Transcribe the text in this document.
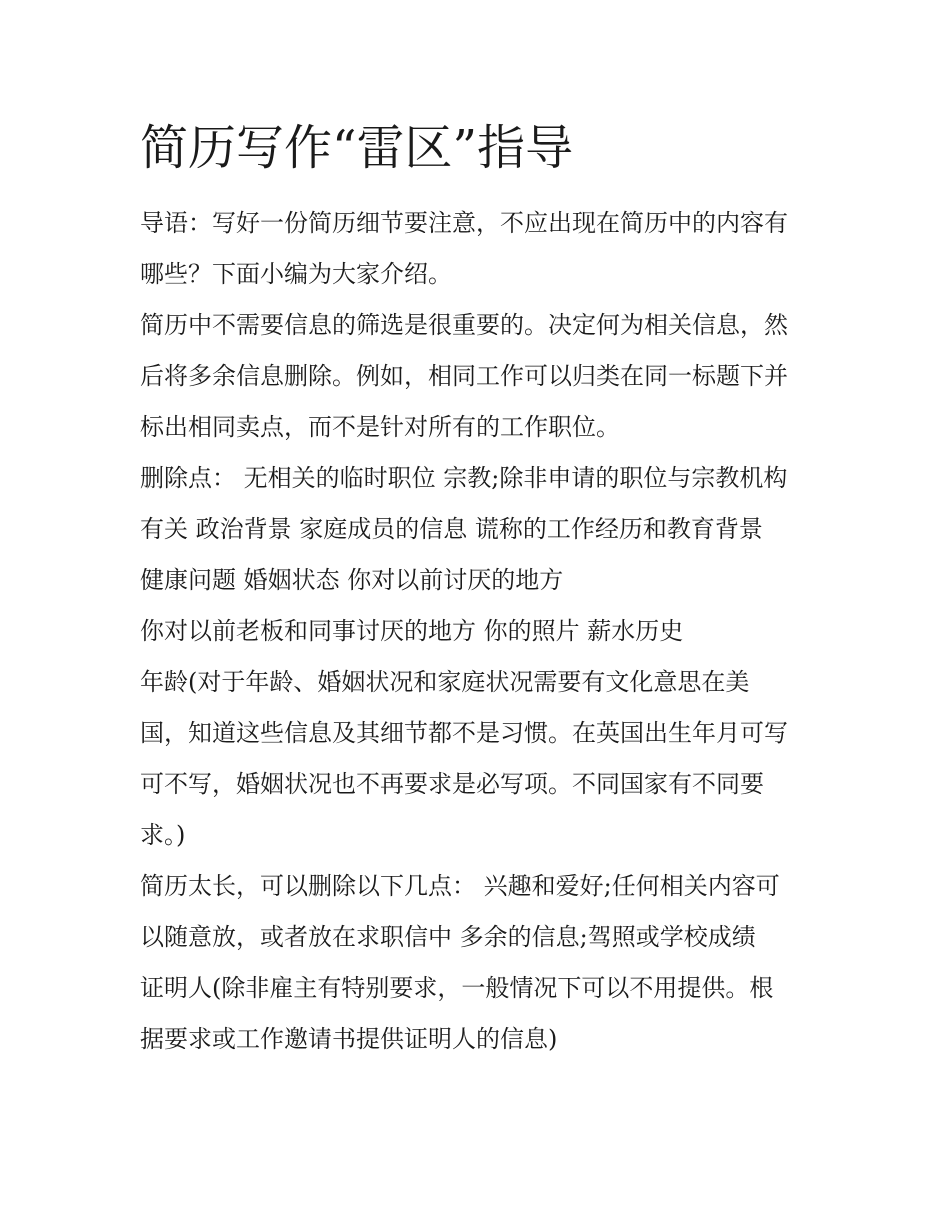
简历写作“雷区”指导

导语：写好一份简历细节要注意，不应出现在简历中的内容有

哪些？下面小编为大家介绍。

简历中不需要信息的筛选是很重要的。决定何为相关信息，然

后将多余信息删除。例如，相同工作可以归类在同一标题下并

标出相同卖点，而不是针对所有的工作职位。

删除点： 无相关的临时职位 宗教;除非申请的职位与宗教机构

有关 政治背景 家庭成员的信息 谎称的工作经历和教育背景

健康问题 婚姻状态 你对以前讨厌的地方

你对以前老板和同事讨厌的地方 你的照片 薪水历史

年龄(对于年龄、婚姻状况和家庭状况需要有文化意思在美

国，知道这些信息及其细节都不是习惯。在英国出生年月可写

可不写，婚姻状况也不再要求是必写项。不同国家有不同要

求。)

简历太长，可以删除以下几点： 兴趣和爱好;任何相关内容可

以随意放，或者放在求职信中 多余的信息;驾照或学校成绩

证明人(除非雇主有特别要求，一般情况下可以不用提供。根

据要求或工作邀请书提供证明人的信息)
